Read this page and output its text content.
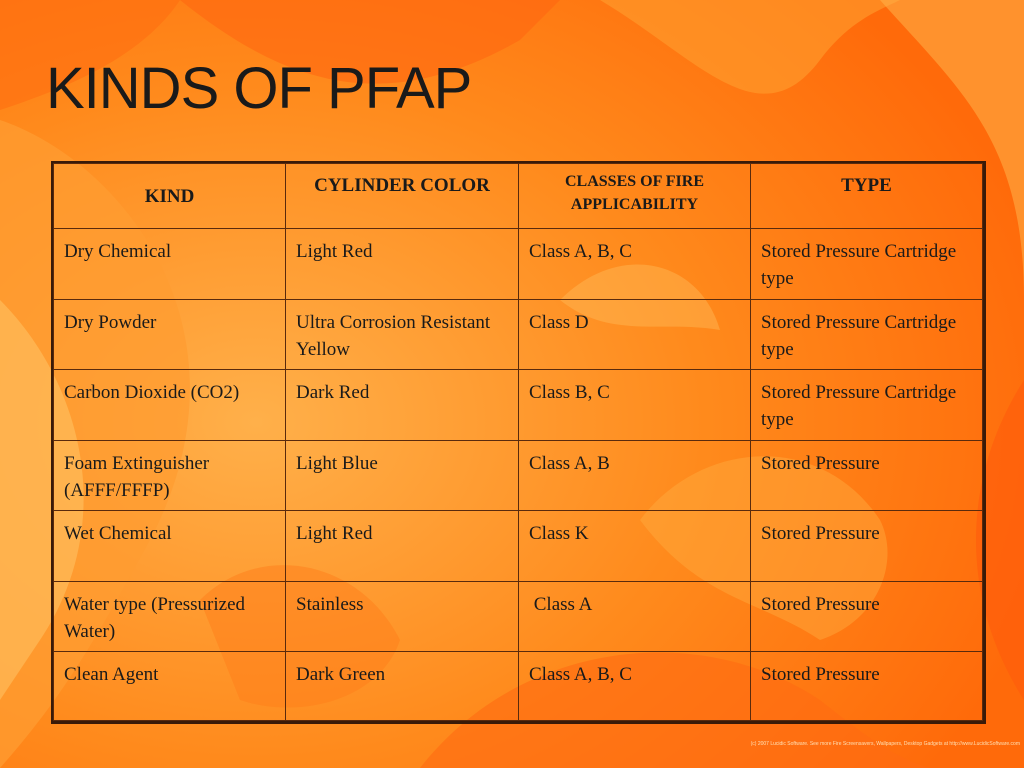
KINDS OF PFAP
KIND	CYLINDER COLOR	CLASSES OF FIRE APPLICABILITY	TYPE
Dry Chemical	Light Red	Class A, B, C	Stored Pressure Cartridge type
Dry Powder	Ultra Corrosion Resistant Yellow	Class D	Stored Pressure Cartridge type
Carbon Dioxide (CO2)	Dark Red	Class B, C	Stored Pressure Cartridge type
Foam Extinguisher (AFFF/FFFP)	Light Blue	Class A, B	Stored Pressure
Wet Chemical	Light Red	Class K	Stored Pressure
Water type (Pressurized Water)	Stainless	Class A	Stored Pressure
Clean Agent	Dark Green	Class A, B, C	Stored Pressure
(c) 2007 Lucidic Software. See more Fire Screensavers, Wallpapers, Desktop Gadgets at http://www.LucidicSoftware.com
